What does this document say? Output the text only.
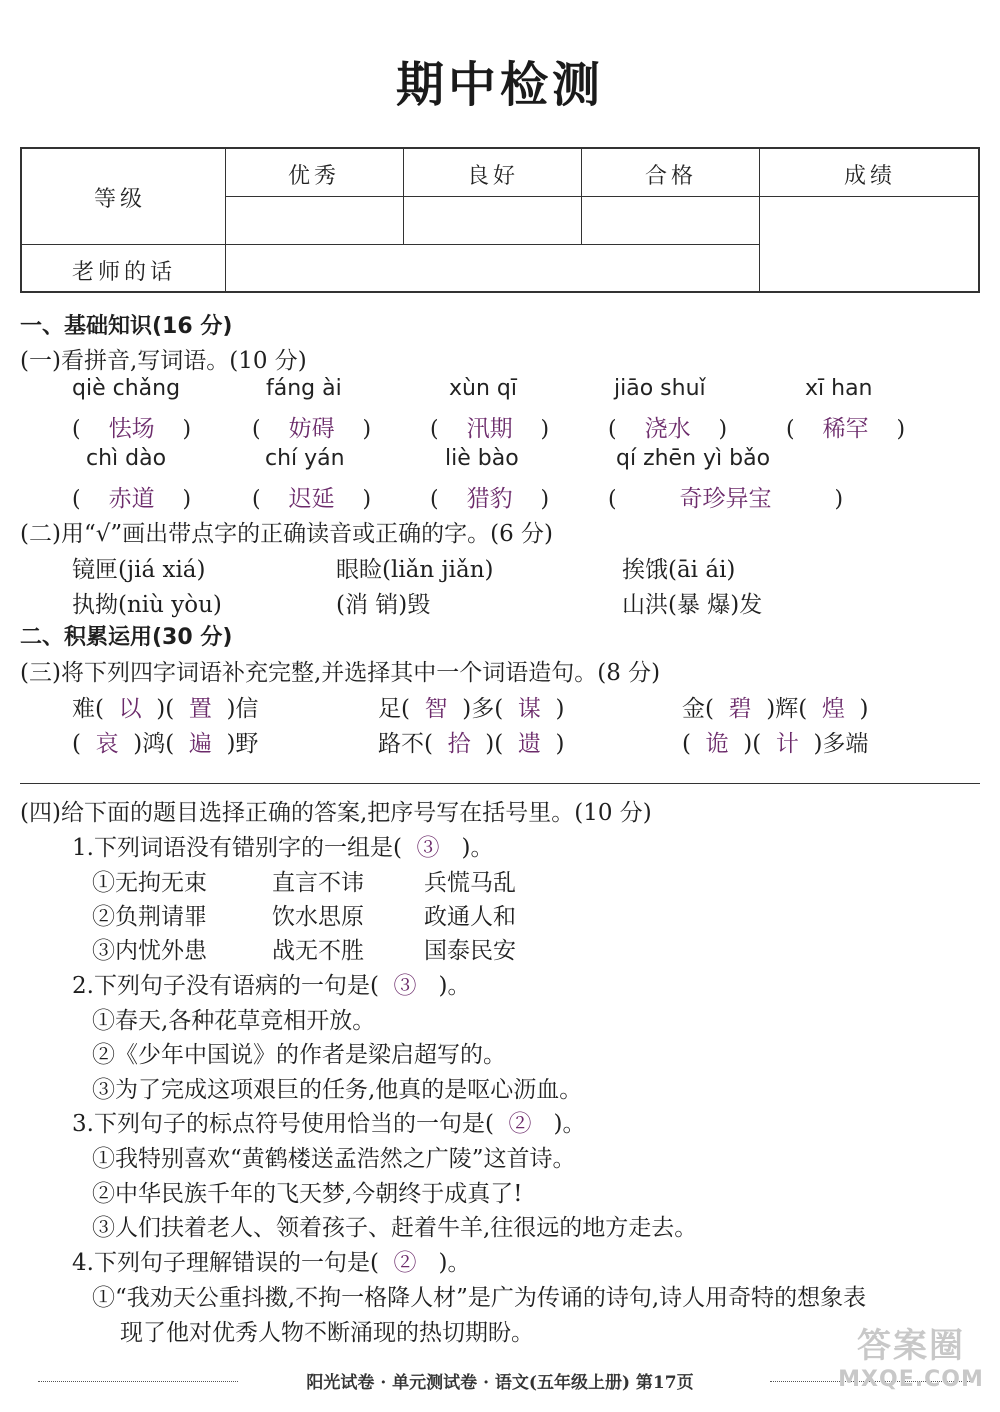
期中检测
等级
优秀	良好	合格	成绩
老师的话
一、基础知识(16 分)
(一)看拼音,写词语。(10 分)
qiè chǎng	fáng ài	xùn qī	jiāo shuǐ	xī han
(    怯场    )	(    妨碍    )	(    汛期    )	(    浇水    )	(    稀罕    )
chì dào	chí yán	liè bào	qí zhēn yì bǎo
(    赤道    )	(    迟延    )	(    猎豹    )	(         奇珍异宝         )
(二)用“√”画出带点字的正确读音或正确的字。(6 分)
镜匣(jiá xiá)	眼睑(liǎn jiǎn)	挨饿(āi ái)
执拗(niù yòu)	(消 销)毁	山洪(暴 爆)发
二、积累运用(30 分)
(三)将下列四字词语补充完整,并选择其中一个词语造句。(8 分)
难( 以 )( 置 )信	足( 智 )多( 谋 )	金( 碧 )辉( 煌 )
( 哀 )鸿( 遍 )野	路不( 拾 )( 遗 )	( 诡 )( 计 )多端
(四)给下面的题目选择正确的答案,把序号写在括号里。(10 分)
1.下列词语没有错别字的一组是( ③ )。
①无拘无束	直言不讳	兵慌马乱
②负荆请罪	饮水思原	政通人和
③内忧外患	战无不胜	国泰民安
2.下列句子没有语病的一句是( ③ )。
①春天,各种花草竞相开放。
②《少年中国说》的作者是梁启超写的。
③为了完成这项艰巨的任务,他真的是呕心沥血。
3.下列句子的标点符号使用恰当的一句是( ② )。
①我特别喜欢“黄鹤楼送孟浩然之广陵”这首诗。
②中华民族千年的飞天梦,今朝终于成真了!
③人们扶着老人、领着孩子、赶着牛羊,往很远的地方走去。
4.下列句子理解错误的一句是( ② )。
①“我劝天公重抖擞,不拘一格降人材”是广为传诵的诗句,诗人用奇特的想象表
现了他对优秀人物不断涌现的热切期盼。
阳光试卷 · 单元测试卷 · 语文(五年级上册) 第17页
答案圈
MXQE.COM
